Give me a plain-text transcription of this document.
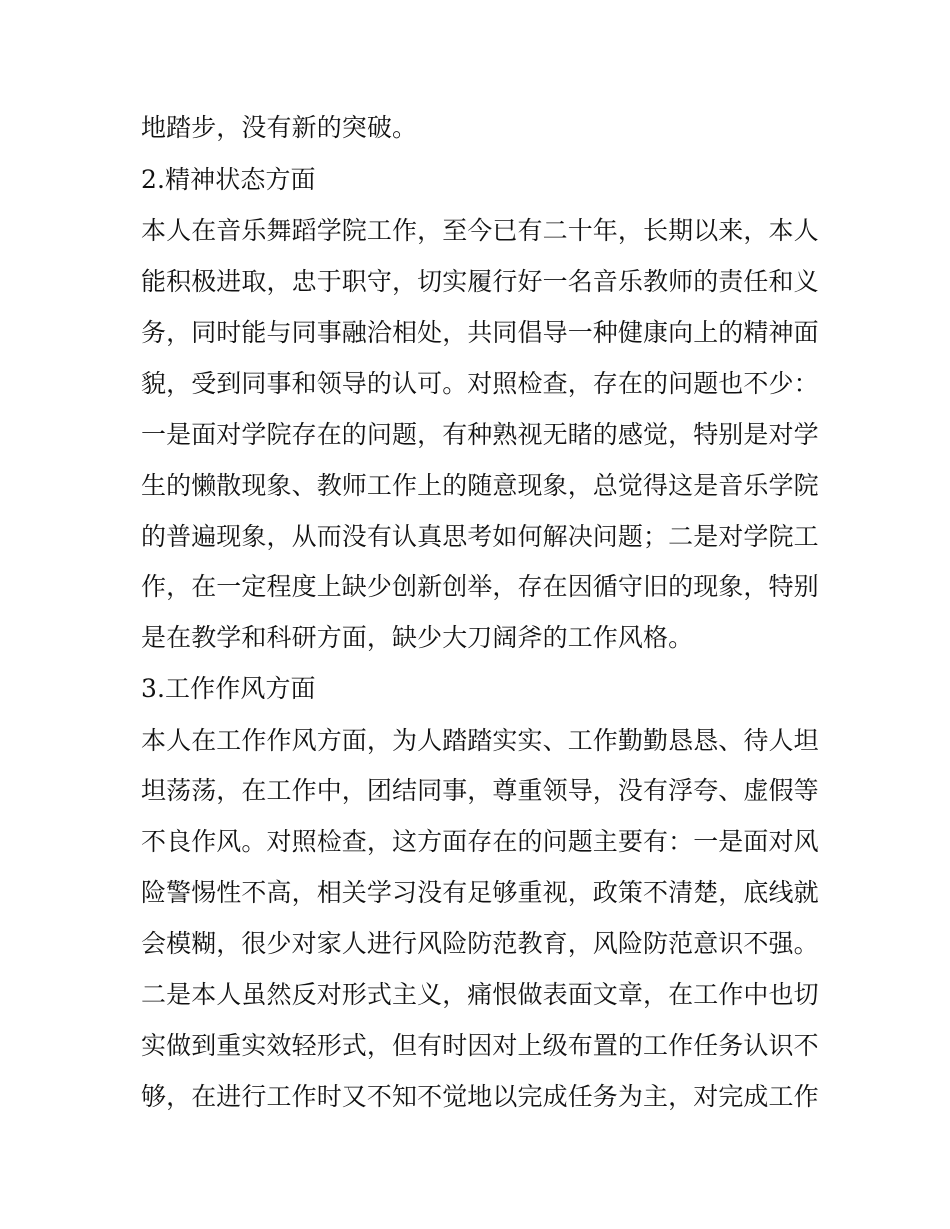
地踏步，没有新的突破。
2.精神状态方面
本人在音乐舞蹈学院工作，至今已有二十年，长期以来，本人
能积极进取，忠于职守，切实履行好一名音乐教师的责任和义
务，同时能与同事融洽相处，共同倡导一种健康向上的精神面
貌，受到同事和领导的认可。对照检查，存在的问题也不少：
一是面对学院存在的问题，有种熟视无睹的感觉，特别是对学
生的懒散现象、教师工作上的随意现象，总觉得这是音乐学院
的普遍现象，从而没有认真思考如何解决问题；二是对学院工
作，在一定程度上缺少创新创举，存在因循守旧的现象，特别
是在教学和科研方面，缺少大刀阔斧的工作风格。
3.工作作风方面
本人在工作作风方面，为人踏踏实实、工作勤勤恳恳、待人坦
坦荡荡，在工作中，团结同事，尊重领导，没有浮夸、虚假等
不良作风。对照检查，这方面存在的问题主要有：一是面对风
险警惕性不高，相关学习没有足够重视，政策不清楚，底线就
会模糊，很少对家人进行风险防范教育，风险防范意识不强。
二是本人虽然反对形式主义，痛恨做表面文章，在工作中也切
实做到重实效轻形式，但有时因对上级布置的工作任务认识不
够，在进行工作时又不知不觉地以完成任务为主，对完成工作
